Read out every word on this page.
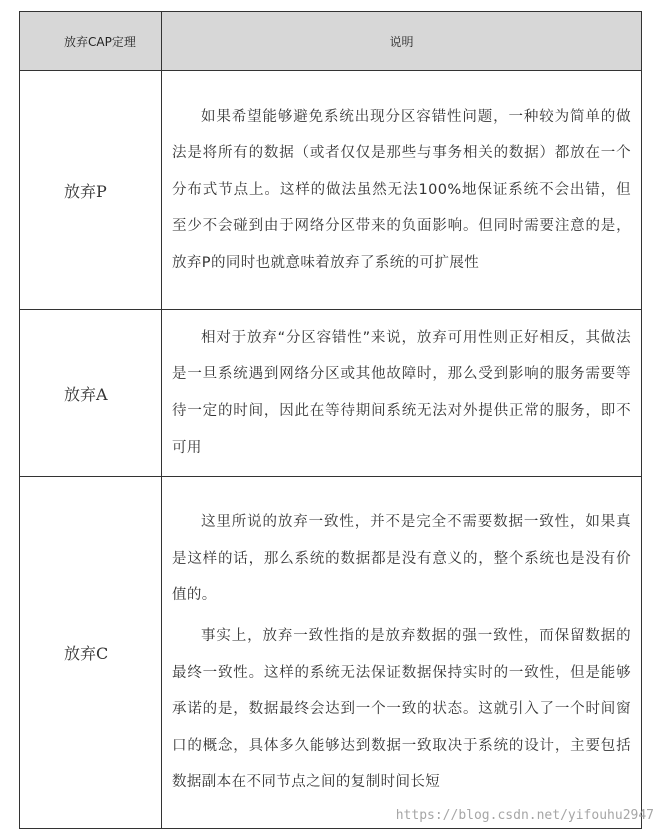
放弃CAP定理	说明
放弃P	如果希望能够避免系统出现分区容错性问题，一种较为简单的做法是将所有的数据（或者仅仅是那些与事务相关的数据）都放在一个分布式节点上。这样的做法虽然无法100%地保证系统不会出错，但至少不会碰到由于网络分区带来的负面影响。但同时需要注意的是，放弃P的同时也就意味着放弃了系统的可扩展性

放弃A	相对于放弃“分区容错性”来说，放弃可用性则正好相反，其做法是一旦系统遇到网络分区或其他故障时，那么受到影响的服务需要等待一定的时间，因此在等待期间系统无法对外提供正常的服务，即不可用

放弃C	这里所说的放弃一致性，并不是完全不需要数据一致性，如果真是这样的话，那么系统的数据都是没有意义的，整个系统也是没有价值的。

事实上，放弃一致性指的是放弃数据的强一致性，而保留数据的最终一致性。这样的系统无法保证数据保持实时的一致性，但是能够承诺的是，数据最终会达到一个一致的状态。这就引入了一个时间窗口的概念，具体多久能够达到数据一致取决于系统的设计，主要包括数据副本在不同节点之间的复制时间长短

https://blog.csdn.net/yifouhu2947
